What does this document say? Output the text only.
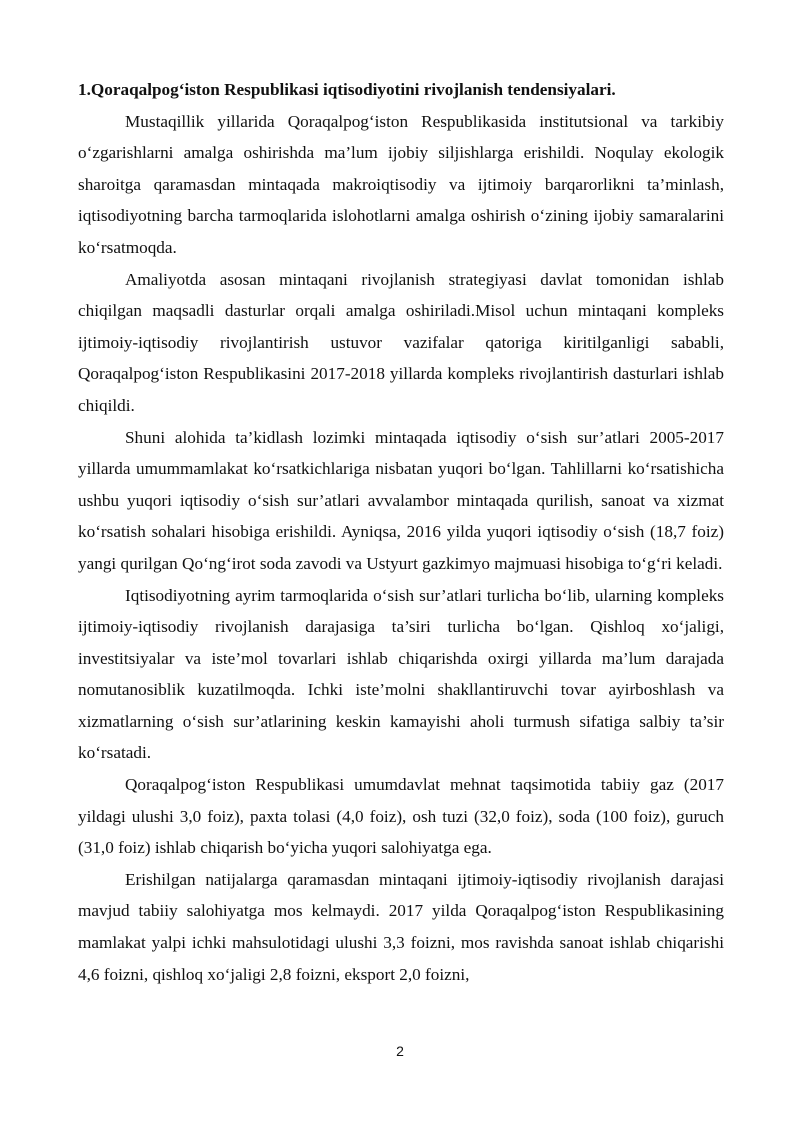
1.Qoraqalpog‘iston Respublikasi iqtisodiyotini rivojlanish tendensiyalari.

Mustaqillik yillarida Qoraqalpog‘iston Respublikasida institutsional va tarkibiy o‘zgarishlarni amalga oshirishda ma’lum ijobiy siljishlarga erishildi. Noqulay ekologik sharoitga qaramasdan mintaqada makroiqtisodiy va ijtimoiy barqarorlikni ta’minlash, iqtisodiyotning barcha tarmoqlarida islohotlarni amalga oshirish o‘zining ijobiy samaralarini ko‘rsatmoqda.

Amaliyotda asosan mintaqani rivojlanish strategiyasi davlat tomonidan ishlab chiqilgan maqsadli dasturlar orqali amalga oshiriladi.Misol uchun mintaqani kompleks ijtimoiy-iqtisodiy rivojlantirish ustuvor vazifalar qatoriga kiritilganligi sababli, Qoraqalpog‘iston Respublikasini 2017-2018 yillarda kompleks rivojlantirish dasturlari ishlab chiqildi.

Shuni alohida ta’kidlash lozimki mintaqada iqtisodiy o‘sish sur’atlari 2005-2017 yillarda umummamlakat ko‘rsatkichlariga nisbatan yuqori bo‘lgan. Tahlillarni ko‘rsatishicha ushbu yuqori iqtisodiy o‘sish sur’atlari avvalambor mintaqada qurilish, sanoat va xizmat ko‘rsatish sohalari hisobiga erishildi. Ayniqsa, 2016 yilda yuqori iqtisodiy o‘sish (18,7 foiz) yangi qurilgan Qo‘ng‘irot soda zavodi va Ustyurt gazkimyo majmuasi hisobiga to‘g‘ri keladi.

Iqtisodiyotning ayrim tarmoqlarida o‘sish sur’atlari turlicha bo‘lib, ularning kompleks ijtimoiy-iqtisodiy rivojlanish darajasiga ta’siri turlicha bo‘lgan. Qishloq xo‘jaligi, investitsiyalar va iste’mol tovarlari ishlab chiqarishda oxirgi yillarda ma’lum darajada nomutanosiblik kuzatilmoqda. Ichki iste’molni shakllantiruvchi tovar ayirboshlash va xizmatlarning o‘sish sur’atlarining keskin kamayishi aholi turmush sifatiga salbiy ta’sir ko‘rsatadi.

Qoraqalpog‘iston Respublikasi umumdavlat mehnat taqsimotida tabiiy gaz (2017 yildagi ulushi 3,0 foiz), paxta tolasi (4,0 foiz), osh tuzi (32,0 foiz), soda (100 foiz), guruch (31,0 foiz) ishlab chiqarish bo‘yicha yuqori salohiyatga ega.

Erishilgan natijalarga qaramasdan mintaqani ijtimoiy-iqtisodiy rivojlanish darajasi mavjud tabiiy salohiyatga mos kelmaydi. 2017 yilda Qoraqalpog‘iston Respublikasining mamlakat yalpi ichki mahsulotidagi ulushi 3,3 foizni, mos ravishda sanoat ishlab chiqarishi 4,6 foizni, qishloq xo‘jaligi 2,8 foizni, eksport 2,0 foizni,

2
